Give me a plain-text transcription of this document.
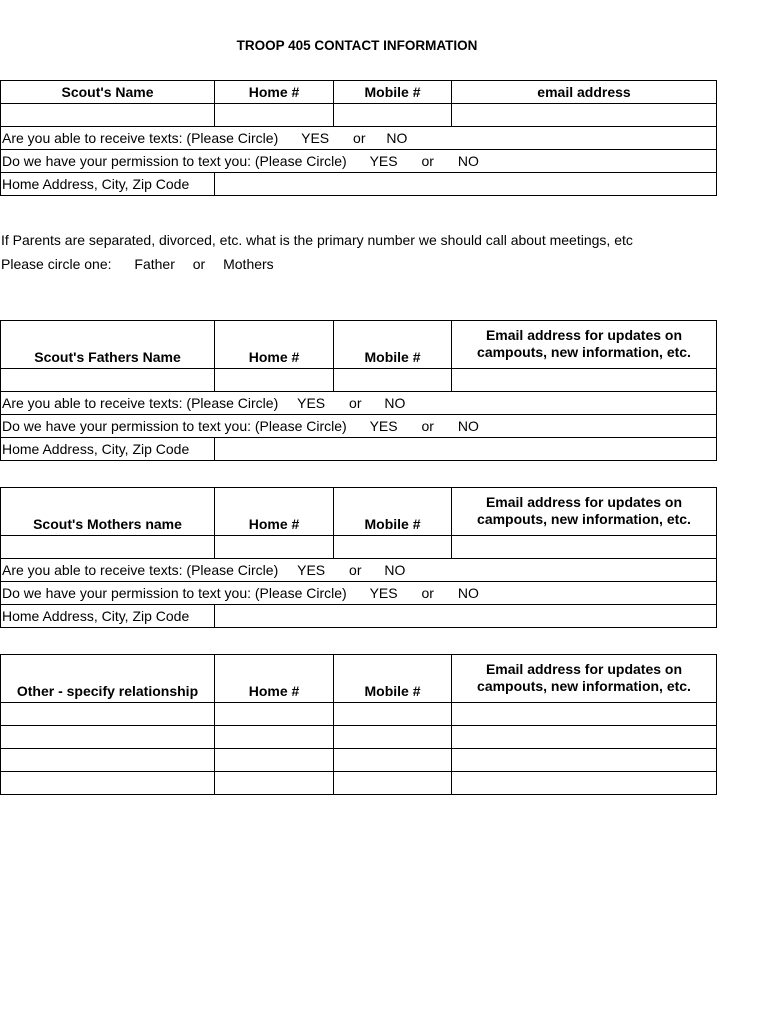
TROOP 405 CONTACT INFORMATION
Scout's Name	Home #	Mobile #	email address

Are you able to receive texts: (Please Circle) YES or NO			
Do we have your permission to text you: (Please Circle) YES or NO			
Home Address, City, Zip Code			
If Parents are separated, divorced, etc. what is the primary number we should call about meetings, etc
Please circle one: Father or Mothers
Scout's Fathers Name	Home #	Mobile #	Email address for updates on campouts, new information, etc.

Are you able to receive texts: (Please Circle) YES or NO			
Do we have your permission to text you: (Please Circle) YES or NO			
Home Address, City, Zip Code			
Scout's Mothers name	Home #	Mobile #	Email address for updates on campouts, new information, etc.

Are you able to receive texts: (Please Circle) YES or NO			
Do we have your permission to text you: (Please Circle) YES or NO			
Home Address, City, Zip Code			
Other - specify relationship	Home #	Mobile #	Email address for updates on campouts, new information, etc.
